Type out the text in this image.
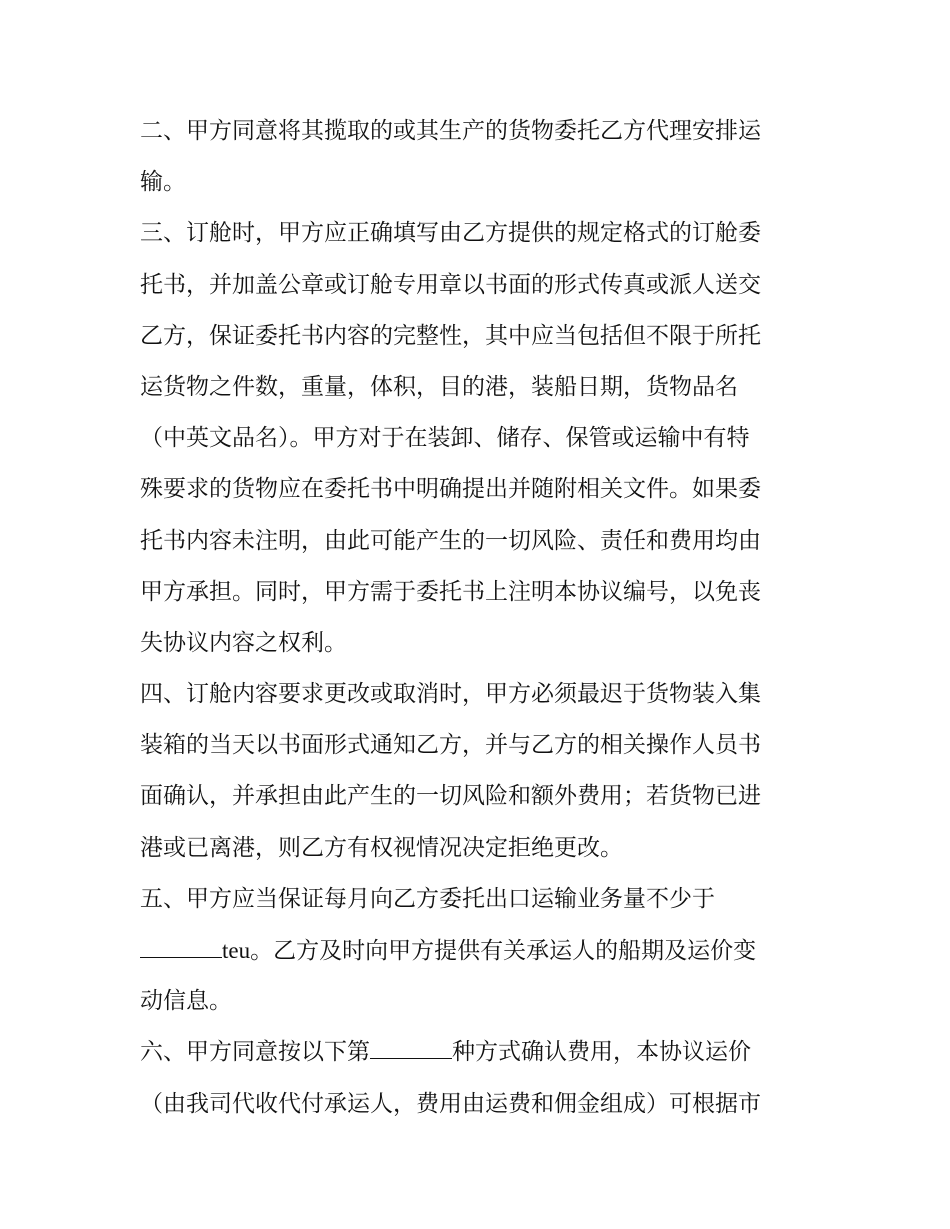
二、甲方同意将其揽取的或其生产的货物委托乙方代理安排运
输。

三、订舱时，甲方应正确填写由乙方提供的规定格式的订舱委
托书，并加盖公章或订舱专用章以书面的形式传真或派人送交
乙方，保证委托书内容的完整性，其中应当包括但不限于所托
运货物之件数，重量，体积，目的港，装船日期，货物品名
（中英文品名）。甲方对于在装卸、储存、保管或运输中有特
殊要求的货物应在委托书中明确提出并随附相关文件。如果委
托书内容未注明，由此可能产生的一切风险、责任和费用均由
甲方承担。同时，甲方需于委托书上注明本协议编号，以免丧
失协议内容之权利。

四、订舱内容要求更改或取消时，甲方必须最迟于货物装入集
装箱的当天以书面形式通知乙方，并与乙方的相关操作人员书
面确认，并承担由此产生的一切风险和额外费用；若货物已进
港或已离港，则乙方有权视情况决定拒绝更改。

五、甲方应当保证每月向乙方委托出口运输业务量不少于
teu。乙方及时向甲方提供有关承运人的船期及运价变
动信息。

六、甲方同意按以下第	种方式确认费用，本协议运价
（由我司代收代付承运人，费用由运费和佣金组成）可根据市
